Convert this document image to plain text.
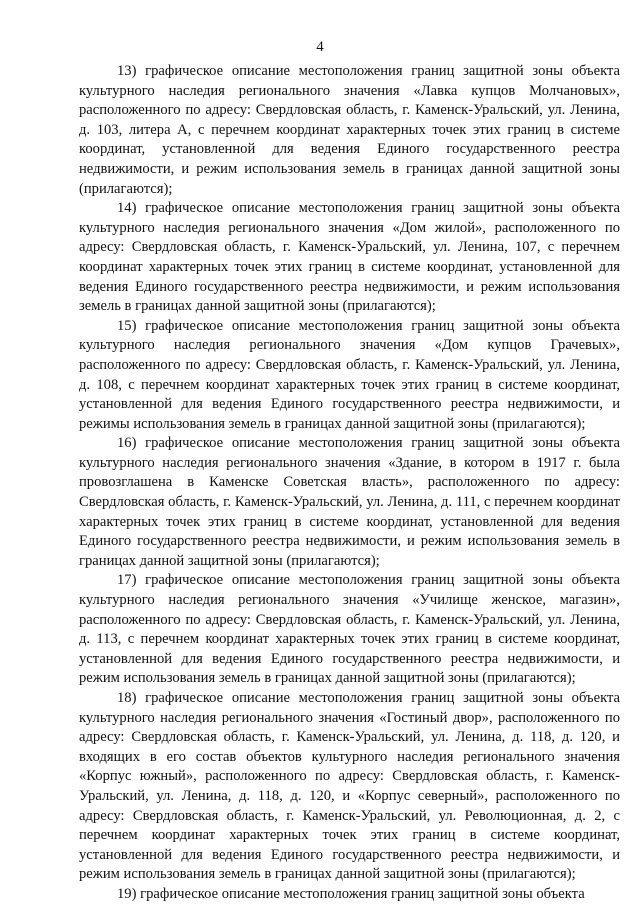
4

13) графическое описание местоположения границ защитной зоны объекта культурного наследия регионального значения «Лавка купцов Молчановых», расположенного по адресу: Свердловская область, г. Каменск-Уральский, ул. Ленина, д. 103, литера А, с перечнем координат характерных точек этих границ в системе координат, установленной для ведения Единого государственного реестра недвижимости, и режим использования земель в границах данной защитной зоны (прилагаются);

14) графическое описание местоположения границ защитной зоны объекта культурного наследия регионального значения «Дом жилой», расположенного по адресу: Свердловская область, г. Каменск-Уральский, ул. Ленина, 107, с перечнем координат характерных точек этих границ в системе координат, установленной для ведения Единого государственного реестра недвижимости, и режим использования земель в границах данной защитной зоны (прилагаются);

15) графическое описание местоположения границ защитной зоны объекта культурного наследия регионального значения «Дом купцов Грачевых», расположенного по адресу: Свердловская область, г. Каменск-Уральский, ул. Ленина, д. 108, с перечнем координат характерных точек этих границ в системе координат, установленной для ведения Единого государственного реестра недвижимости, и режимы использования земель в границах данной защитной зоны (прилагаются);

16) графическое описание местоположения границ защитной зоны объекта культурного наследия регионального значения «Здание, в котором в 1917 г. была провозглашена в Каменске Советская власть», расположенного по адресу: Свердловская область, г. Каменск-Уральский, ул. Ленина, д. 111, с перечнем координат характерных точек этих границ в системе координат, установленной для ведения Единого государственного реестра недвижимости, и режим использования земель в границах данной защитной зоны (прилагаются);

17) графическое описание местоположения границ защитной зоны объекта культурного наследия регионального значения «Училище женское, магазин», расположенного по адресу: Свердловская область, г. Каменск-Уральский, ул. Ленина, д. 113, с перечнем координат характерных точек этих границ в системе координат, установленной для ведения Единого государственного реестра недвижимости, и режим использования земель в границах данной защитной зоны (прилагаются);

18) графическое описание местоположения границ защитной зоны объекта культурного наследия регионального значения «Гостиный двор», расположенного по адресу: Свердловская область, г. Каменск-Уральский, ул. Ленина, д. 118, д. 120, и входящих в его состав объектов культурного наследия регионального значения «Корпус южный», расположенного по адресу: Свердловская область, г. Каменск-Уральский, ул. Ленина, д. 118, д. 120, и «Корпус северный», расположенного по адресу: Свердловская область, г. Каменск-Уральский, ул. Революционная, д. 2, с перечнем координат характерных точек этих границ в системе координат, установленной для ведения Единого государственного реестра недвижимости, и режим использования земель в границах данной защитной зоны (прилагаются);

19) графическое описание местоположения границ защитной зоны объекта
